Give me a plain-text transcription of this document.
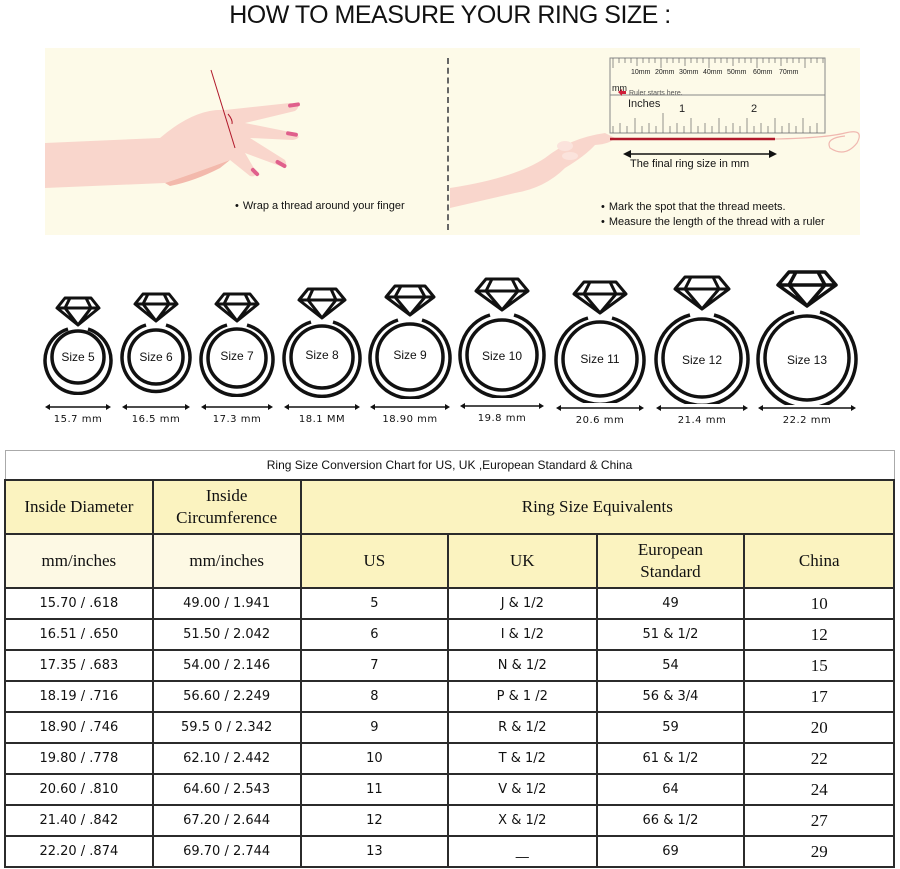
HOW TO MEASURE YOUR RING SIZE :
10mm 20mm 30mm 40mm 50mm 60mm 70mm
mm
Ruler starts here.
Inches 1	2
The final ring size in mm
• Wrap a thread around your finger	• Mark the spot that the thread meets.
• Measure the length of the thread with a ruler
Size 5
15.7 mm
Size 6
16.5 mm
Size 7
17.3 mm
Size 8
18.1 MM
Size 9
18.90 mm
Size 10
19.8 mm
Size 11
20.6 mm
Size 12
21.4 mm
Size 13
22.2 mm
Ring Size Conversion Chart for US, UK ,European Standard & China					
Inside Diameter	Inside Circumference	Ring Size Equivalents			
mm/inches	mm/inches	US	UK	European Standard	China
15.70 / .618	49.00 / 1.941	5	J & 1/2	49	10
16.51 / .650	51.50 / 2.042	6	I & 1/2	51 & 1/2	12
17.35 / .683	54.00 / 2.146	7	N & 1/2	54	15
18.19 / .716	56.60 / 2.249	8	P & 1 /2	56 & 3/4	17
18.90 / .746	59.5 0 / 2.342	9	R & 1/2	59	20
19.80 / .778	62.10 / 2.442	10	T & 1/2	61 & 1/2	22
20.60 / .810	64.60 / 2.543	11	V & 1/2	64	24
21.40 / .842	67.20 / 2.644	12	X & 1/2	66 & 1/2	27
22.20 / .874	69.70 / 2.744	13	__	69	29
